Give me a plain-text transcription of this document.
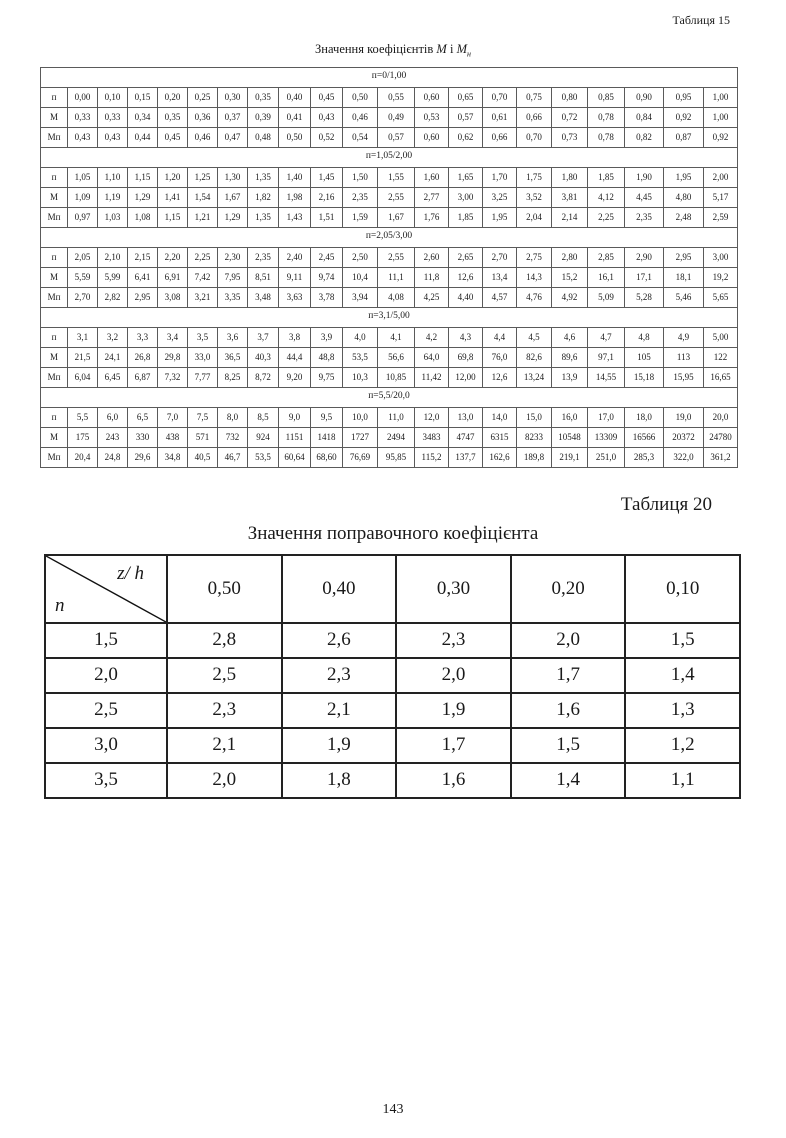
Таблиця 15
Значення коефіцієнтів М і $М_н$
п=0/1,00																				
п	0,00	0,10	0,15	0,20	0,25	0,30	0,35	0,40	0,45	0,50	0,55	0,60	0,65	0,70	0,75	0,80	0,85	0,90	0,95	1,00
М	0,33	0,33	0,34	0,35	0,36	0,37	0,39	0,41	0,43	0,46	0,49	0,53	0,57	0,61	0,66	0,72	0,78	0,84	0,92	1,00
Мп	0,43	0,43	0,44	0,45	0,46	0,47	0,48	0,50	0,52	0,54	0,57	0,60	0,62	0,66	0,70	0,73	0,78	0,82	0,87	0,92
п=1,05/2,00																				
п	1,05	1,10	1,15	1,20	1,25	1,30	1,35	1,40	1,45	1,50	1,55	1,60	1,65	1,70	1,75	1,80	1,85	1,90	1,95	2,00
М	1,09	1,19	1,29	1,41	1,54	1,67	1,82	1,98	2,16	2,35	2,55	2,77	3,00	3,25	3,52	3,81	4,12	4,45	4,80	5,17
Мп	0,97	1,03	1,08	1,15	1,21	1,29	1,35	1,43	1,51	1,59	1,67	1,76	1,85	1,95	2,04	2,14	2,25	2,35	2,48	2,59
п=2,05/3,00																				
п	2,05	2,10	2,15	2,20	2,25	2,30	2,35	2,40	2,45	2,50	2,55	2,60	2,65	2,70	2,75	2,80	2,85	2,90	2,95	3,00
М	5,59	5,99	6,41	6,91	7,42	7,95	8,51	9,11	9,74	10,4	11,1	11,8	12,6	13,4	14,3	15,2	16,1	17,1	18,1	19,2
Мп	2,70	2,82	2,95	3,08	3,21	3,35	3,48	3,63	3,78	3,94	4,08	4,25	4,40	4,57	4,76	4,92	5,09	5,28	5,46	5,65
п=3,1/5,00																				
п	3,1	3,2	3,3	3,4	3,5	3,6	3,7	3,8	3,9	4,0	4,1	4,2	4,3	4,4	4,5	4,6	4,7	4,8	4,9	5,00
М	21,5	24,1	26,8	29,8	33,0	36,5	40,3	44,4	48,8	53,5	56,6	64,0	69,8	76,0	82,6	89,6	97,1	105	113	122
Мп	6,04	6,45	6,87	7,32	7,77	8,25	8,72	9,20	9,75	10,3	10,85	11,42	12,00	12,6	13,24	13,9	14,55	15,18	15,95	16,65
п=5,5/20,0																				
п	5,5	6,0	6,5	7,0	7,5	8,0	8,5	9,0	9,5	10,0	11,0	12,0	13,0	14,0	15,0	16,0	17,0	18,0	19,0	20,0
М	175	243	330	438	571	732	924	1151	1418	1727	2494	3483	4747	6315	8233	10548	13309	16566	20372	24780
Мп	20,4	24,8	29,6	34,8	40,5	46,7	53,5	60,64	68,60	76,69	95,85	115,2	137,7	162,6	189,8	219,1	251,0	285,3	322,0	361,2
Таблиця 20
Значення поправочного коефіцієнта
z/ h
n	0,50	0,40	0,30	0,20	0,10
1,5	2,8	2,6	2,3	2,0	1,5
2,0	2,5	2,3	2,0	1,7	1,4
2,5	2,3	2,1	1,9	1,6	1,3
3,0	2,1	1,9	1,7	1,5	1,2
3,5	2,0	1,8	1,6	1,4	1,1
143
